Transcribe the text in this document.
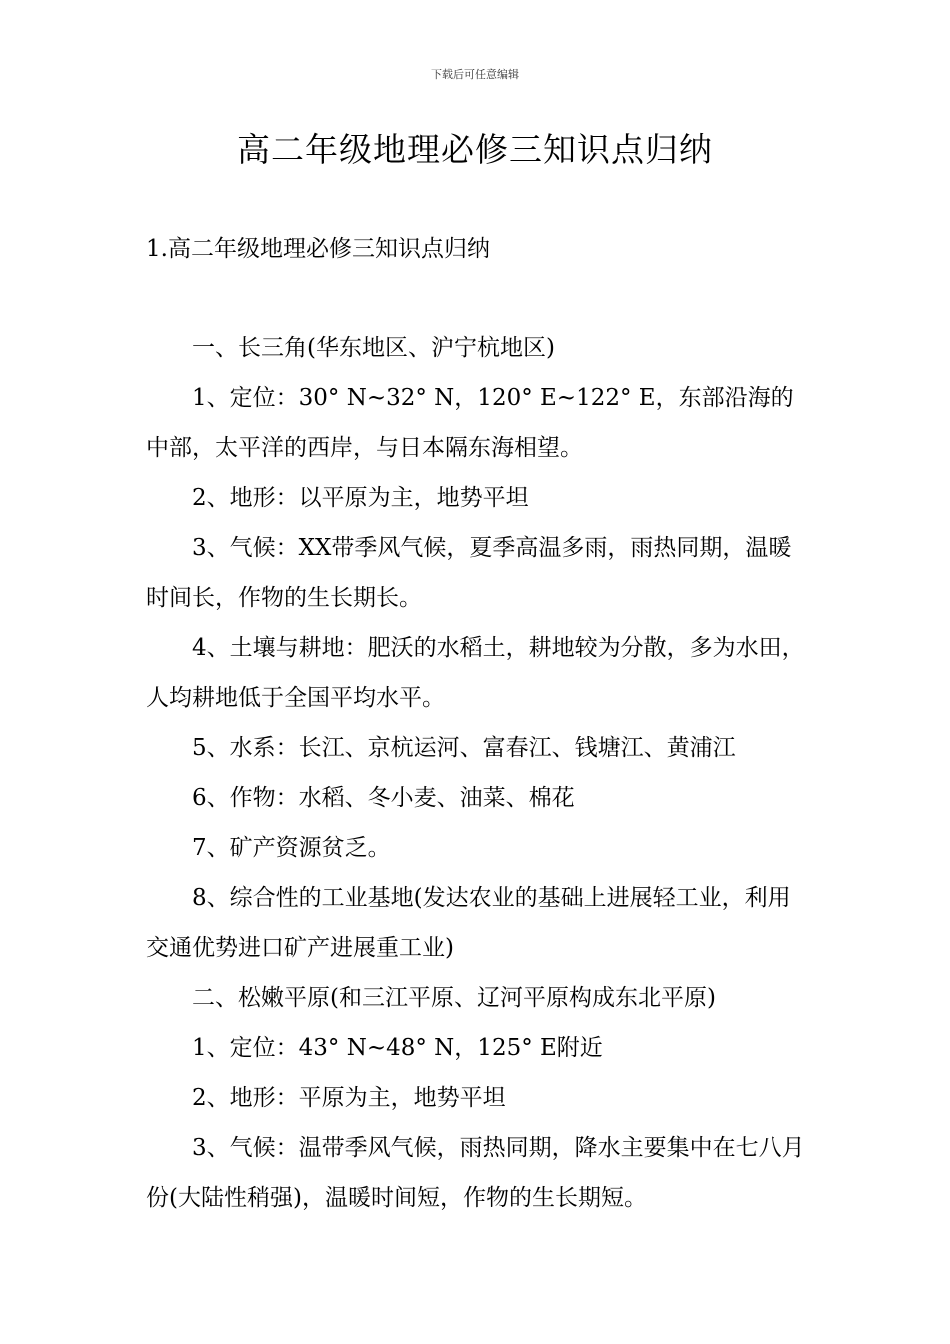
下载后可任意编辑
高二年级地理必修三知识点归纳
1.高二年级地理必修三知识点归纳

一、长三角(华东地区、沪宁杭地区)

1、定位：30° N~32° N，120° E~122° E，东部沿海的中部，太平洋的西岸，与日本隔东海相望。

2、地形：以平原为主，地势平坦

3、气候：XX带季风气候，夏季高温多雨，雨热同期，温暖时间长，作物的生长期长。

4、土壤与耕地：肥沃的水稻土，耕地较为分散，多为水田，人均耕地低于全国平均水平。

5、水系：长江、京杭运河、富春江、钱塘江、黄浦江

6、作物：水稻、冬小麦、油菜、棉花

7、矿产资源贫乏。

8、综合性的工业基地(发达农业的基础上进展轻工业，利用交通优势进口矿产进展重工业)

二、松嫩平原(和三江平原、辽河平原构成东北平原)

1、定位：43° N~48° N，125° E附近

2、地形：平原为主，地势平坦

3、气候：温带季风气候，雨热同期，降水主要集中在七八月份(大陆性稍强)，温暖时间短，作物的生长期短。
